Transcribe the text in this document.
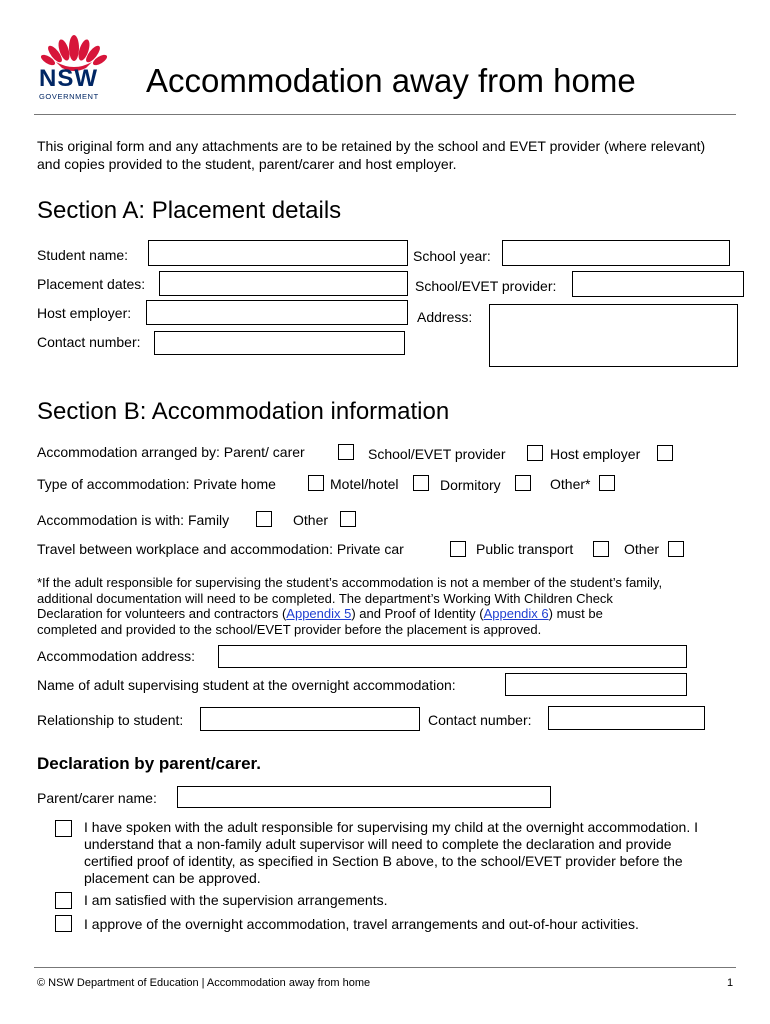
NSW
GOVERNMENT Accommodation away from home
This original form and any attachments are to be retained by the school and EVET provider (where relevant) and copies provided to the student, parent/carer and host employer.
Section A: Placement details
Student name:	School year:
Placement dates:	School/EVET provider:
Host employer:	Address:
Contact number:
Section B: Accommodation information
Accommodation arranged by: Parent/ carer	School/EVET provider	Host employer
Type of accommodation: Private home	Motel/hotel	Dormitory	Other*
Accommodation is with: Family	Other
Travel between workplace and accommodation: Private car	Public transport	Other
*If the adult responsible for supervising the student’s accommodation is not a member of the student’s family, additional documentation will need to be completed. The department’s Working With Children Check Declaration for volunteers and contractors (Appendix 5) and Proof of Identity (Appendix 6) must be completed and provided to the school/EVET provider before the placement is approved.
Accommodation address:
Name of adult supervising student at the overnight accommodation:
Relationship to student:	Contact number:
Declaration by parent/carer.
Parent/carer name:
I have spoken with the adult responsible for supervising my child at the overnight accommodation. I understand that a non-family adult supervisor will need to complete the declaration and provide certified proof of identity, as specified in Section B above, to the school/EVET provider before the placement can be approved.
I am satisfied with the supervision arrangements.
I approve of the overnight accommodation, travel arrangements and out-of-hour activities.
© NSW Department of Education | Accommodation away from home	1
